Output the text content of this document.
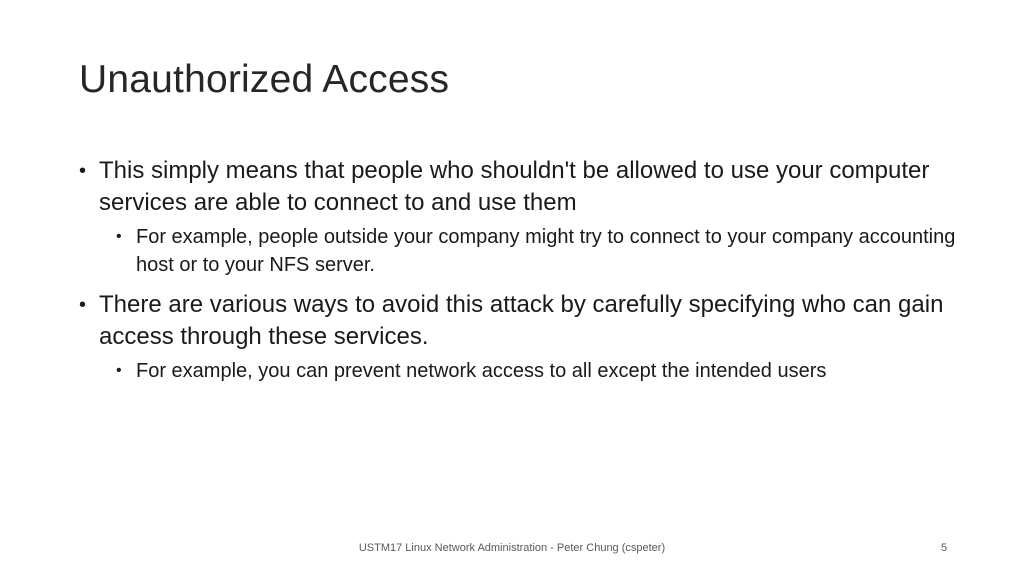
Unauthorized Access
• This simply means that people who shouldn't be allowed to use your computer services are able to connect to and use them
• For example, people outside your company might try to connect to your company accounting host or to your NFS server.
• There are various ways to avoid this attack by carefully specifying who can gain access through these services.
• For example, you can prevent network access to all except the intended users
USTM17 Linux Network Administration - Peter Chung (cspeter)	5
